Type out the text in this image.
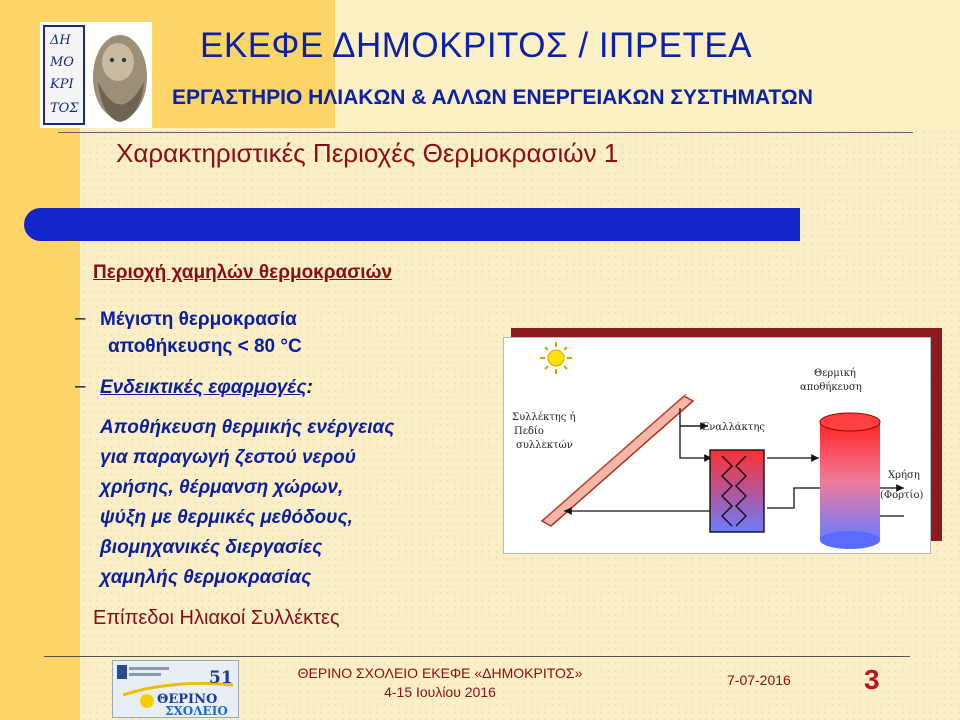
ΔΗ
ΜΟ
ΚΡΙ
ΤΟΣ
ΕΚΕΦΕ ΔΗΜΟΚΡΙΤΟΣ / ΙΠΡΕΤΕΑ
ΕΡΓΑΣΤΗΡΙΟ ΗΛΙΑΚΩΝ & ΑΛΛΩΝ ΕΝΕΡΓΕΙΑΚΩΝ ΣΥΣΤΗΜΑΤΩΝ
Χαρακτηριστικές Περιοχές Θερμοκρασιών 1
Περιοχή χαμηλών θερμοκρασιών
– Μέγιστη θερμοκρασία
αποθήκευσης < 80 °C
– Ενδεικτικές εφαρμογές:
Αποθήκευση θερμικής ενέργειας
για παραγωγή ζεστού νερού
χρήσης, θέρμανση χώρων,
ψύξη με θερμικές μεθόδους,
βιομηχανικές διεργασίες
χαμηλής θερμοκρασίας
Επίπεδοι Ηλιακοί Συλλέκτες
Συλλέκτης ή
Πεδίο
συλλεκτών
Εναλλάκτης
Θερμική
αποθήκευση
Χρήση
(Φορτίο)
51
ΘΕΡΙΝΟ
ΣΧΟΛΕΙΟ
ΘΕΡΙΝΟ ΣΧΟΛΕΙΟ ΕΚΕΦΕ «ΔΗΜΟΚΡΙΤΟΣ»
4-15 Ιουλίου 2016
7-07-2016	3
